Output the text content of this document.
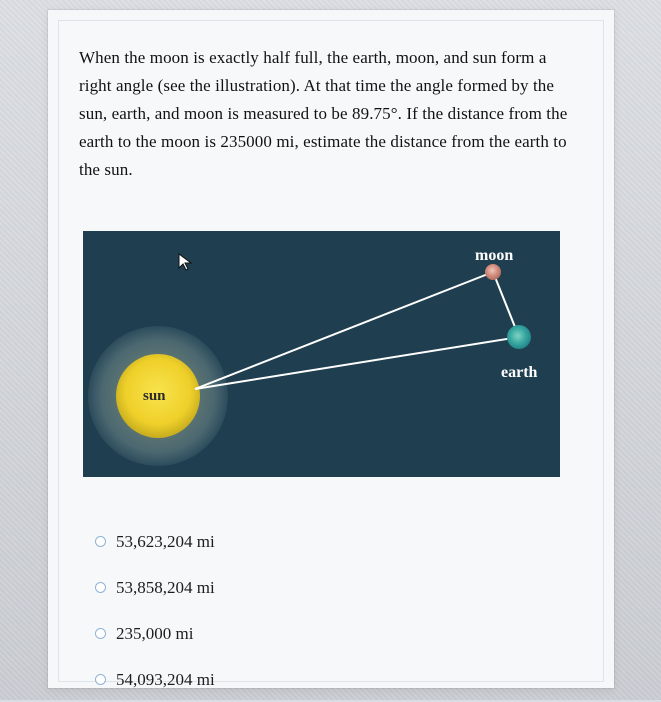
When the moon is exactly half full, the earth, moon, and sun form a
right angle (see the illustration). At that time the angle formed by the
sun, earth, and moon is measured to be 89.75°. If the distance from the
earth to the moon is 235000 mi, estimate the distance from the earth to
the sun.
moon
earth
sun
53,623,204 mi
53,858,204 mi
235,000 mi
54,093,204 mi
